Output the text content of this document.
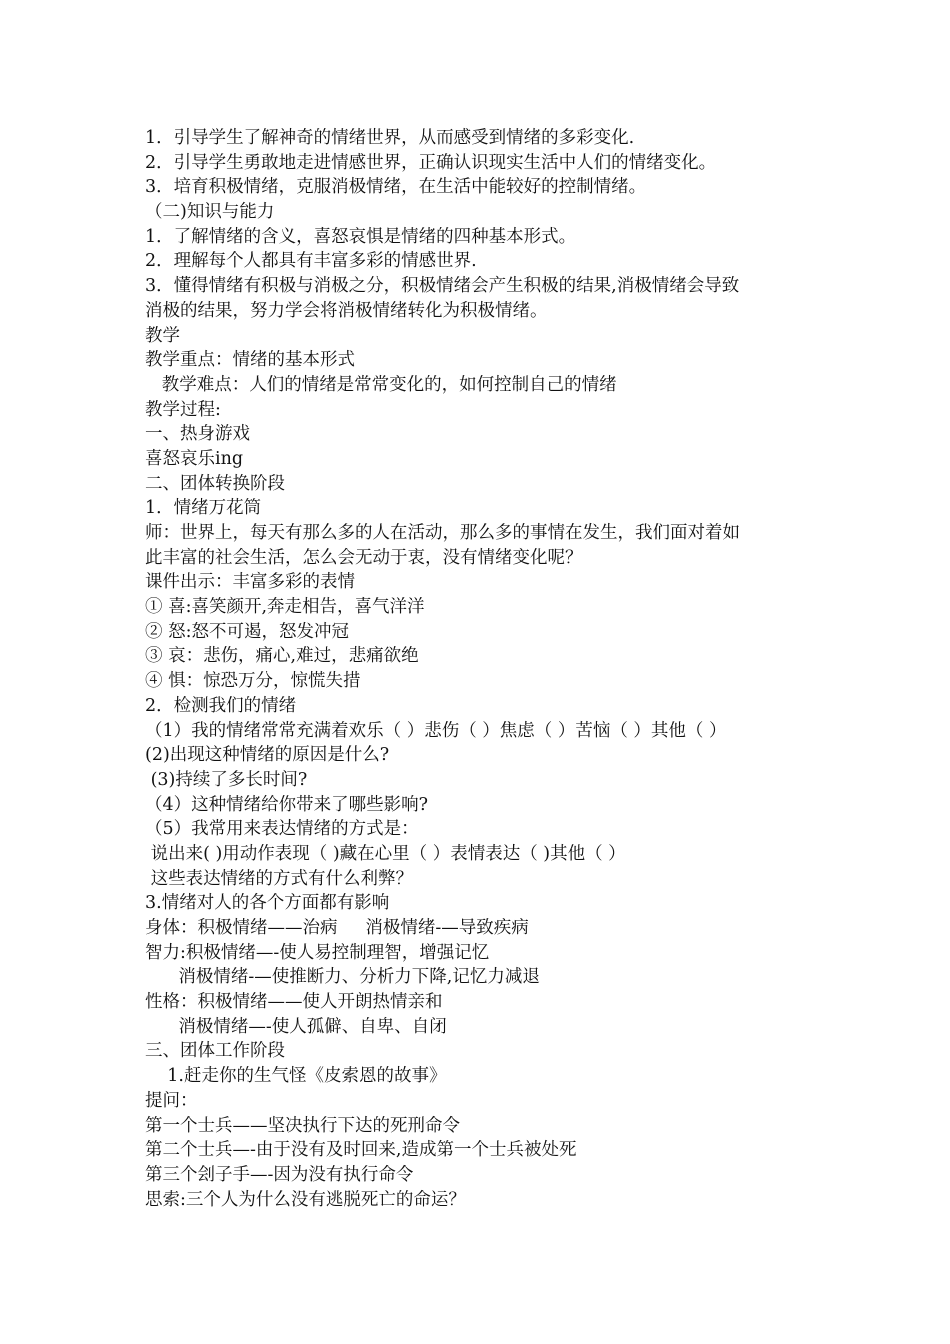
1．引导学生了解神奇的情绪世界，从而感受到情绪的多彩变化.
2．引导学生勇敢地走进情感世界，正确认识现实生活中人们的情绪变化。
3．培育积极情绪，克服消极情绪，在生活中能较好的控制情绪。
（二)知识与能力
1．了解情绪的含义，喜怒哀惧是情绪的四种基本形式。
2．理解每个人都具有丰富多彩的情感世界.
3．懂得情绪有积极与消极之分，积极情绪会产生积极的结果,消极情绪会导致
消极的结果，努力学会将消极情绪转化为积极情绪。
教学
教学重点：情绪的基本形式
教学难点：人们的情绪是常常变化的，如何控制自己的情绪
教学过程:
一、热身游戏
喜怒哀乐ing
二、团体转换阶段
1．情绪万花筒
师：世界上，每天有那么多的人在活动，那么多的事情在发生，我们面对着如
此丰富的社会生活，怎么会无动于衷，没有情绪变化呢？
课件出示：丰富多彩的表情
① 喜:喜笑颜开,奔走相告，喜气洋洋
② 怒:怒不可遏，怒发冲冠
③ 哀：悲伤，痛心,难过，悲痛欲绝
④ 惧：惊恐万分，惊慌失措
2．检测我们的情绪
（1）我的情绪常常充满着欢乐（ ）悲伤（ ）焦虑（ ）苦恼（ ）其他（ ）
(2)出现这种情绪的原因是什么?
(3)持续了多长时间?
（4）这种情绪给你带来了哪些影响?
（5）我常用来表达情绪的方式是：
说出来( )用动作表现（ )藏在心里（ ）表情表达（ )其他（ ）
这些表达情绪的方式有什么利弊？
3.情绪对人的各个方面都有影响
身体：积极情绪——治病     消极情绪-—导致疾病
智力:积极情绪—-使人易控制理智，增强记忆
消极情绪-—使推断力、分析力下降,记忆力减退
性格：积极情绪——使人开朗热情亲和
消极情绪—-使人孤僻、自卑、自闭
三、团体工作阶段
1.赶走你的生气怪《皮索恩的故事》
提问：
第一个士兵——坚决执行下达的死刑命令
第二个士兵—-由于没有及时回来,造成第一个士兵被处死
第三个刽子手—-因为没有执行命令
思索:三个人为什么没有逃脱死亡的命运？
